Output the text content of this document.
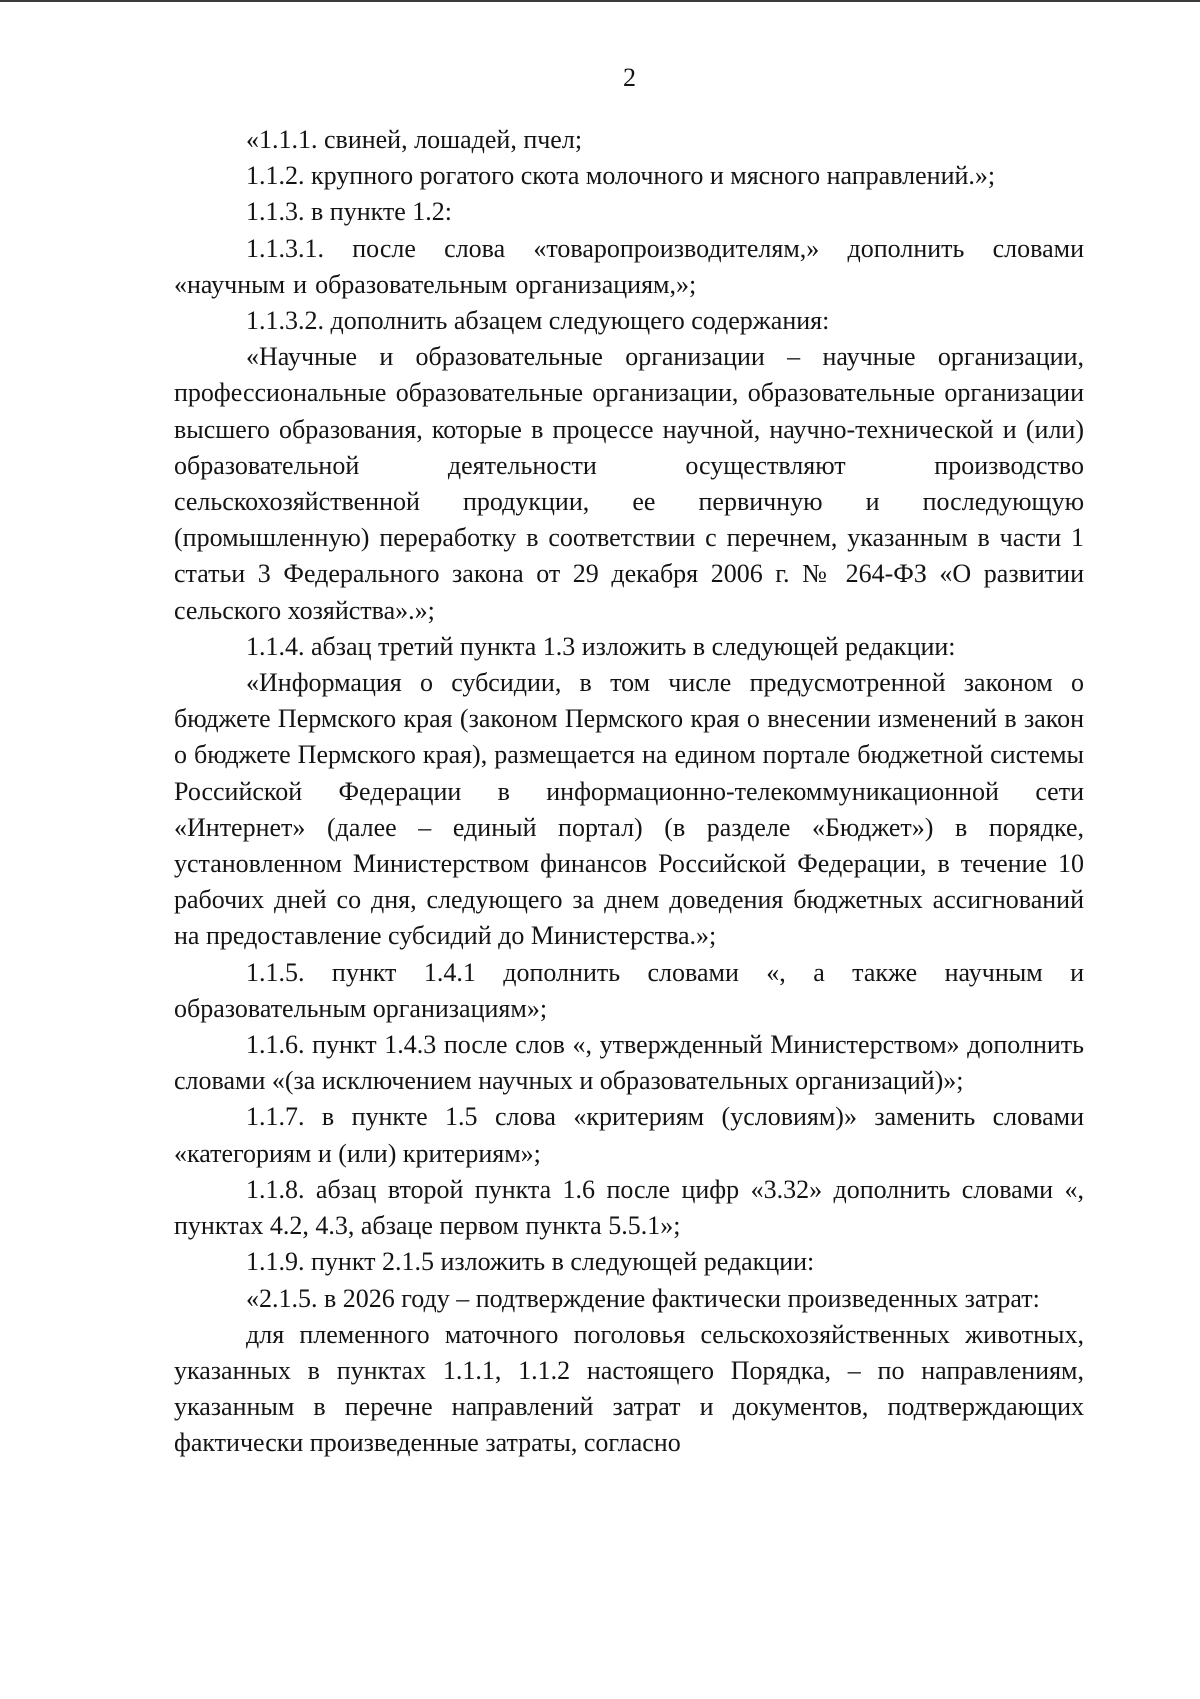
2

«1.1.1. свиней, лошадей, пчел;

1.1.2. крупного рогатого скота молочного и мясного направлений.»;

1.1.3. в пункте 1.2:

1.1.3.1. после слова «товаропроизводителям,» дополнить словами «научным и образовательным организациям,»;

1.1.3.2. дополнить абзацем следующего содержания:

«Научные и образовательные организации – научные организации, профессиональные образовательные организации, образовательные организации высшего образования, которые в процессе научной, научно-технической и (или) образовательной деятельности осуществляют производство сельскохозяйственной продукции, ее первичную и последующую (промышленную) переработку в соответствии с перечнем, указанным в части 1 статьи 3 Федерального закона от 29 декабря 2006 г. № 264-ФЗ «О развитии сельского хозяйства».»;

1.1.4. абзац третий пункта 1.3 изложить в следующей редакции:

«Информация о субсидии, в том числе предусмотренной законом о бюджете Пермского края (законом Пермского края о внесении изменений в закон о бюджете Пермского края), размещается на едином портале бюджетной системы Российской Федерации в информационно-телекоммуникационной сети «Интернет» (далее – единый портал) (в разделе «Бюджет») в порядке, установленном Министерством финансов Российской Федерации, в течение 10 рабочих дней со дня, следующего за днем доведения бюджетных ассигнований на предоставление субсидий до Министерства.»;

1.1.5. пункт 1.4.1 дополнить словами «, а также научным и образовательным организациям»;

1.1.6. пункт 1.4.3 после слов «, утвержденный Министерством» дополнить словами «(за исключением научных и образовательных организаций)»;

1.1.7. в пункте 1.5 слова «критериям (условиям)» заменить словами «категориям и (или) критериям»;

1.1.8. абзац второй пункта 1.6 после цифр «3.32» дополнить словами «, пунктах 4.2, 4.3, абзаце первом пункта 5.5.1»;

1.1.9. пункт 2.1.5 изложить в следующей редакции:

«2.1.5. в 2026 году – подтверждение фактически произведенных затрат:

для племенного маточного поголовья сельскохозяйственных животных, указанных в пунктах 1.1.1, 1.1.2 настоящего Порядка, – по направлениям, указанным в перечне направлений затрат и документов, подтверждающих фактически произведенные затраты, согласно
